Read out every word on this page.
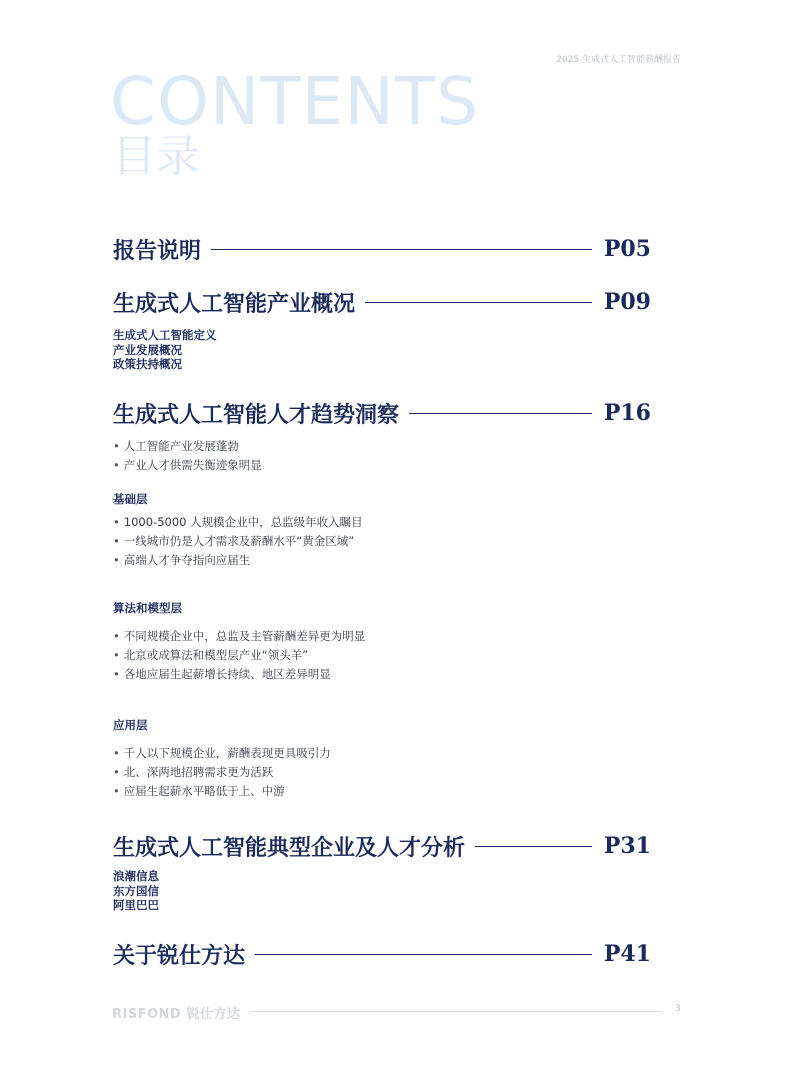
2025 生成式人工智能薪酬报告
CONTENTS
目录
报告说明	P05
生成式人工智能产业概况	P09
生成式人工智能定义
产业发展概况
政策扶持概况
生成式人工智能人才趋势洞察	P16
• 人工智能产业发展蓬勃
• 产业人才供需失衡迹象明显
基础层
• 1000-5000 人规模企业中，总监级年收入瞩目
• 一线城市仍是人才需求及薪酬水平“黄金区域”
• 高端人才争夺指向应届生
算法和模型层
• 不同规模企业中，总监及主管薪酬差异更为明显
• 北京或成算法和模型层产业“领头羊”
• 各地应届生起薪增长持续、地区差异明显
应用层
• 千人以下规模企业，薪酬表现更具吸引力
• 北、深两地招聘需求更为活跃
• 应届生起薪水平略低于上、中游
生成式人工智能典型企业及人才分析	P31
浪潮信息
东方国信
阿里巴巴
关于锐仕方达	P41
RISFOND 锐仕方达	3
